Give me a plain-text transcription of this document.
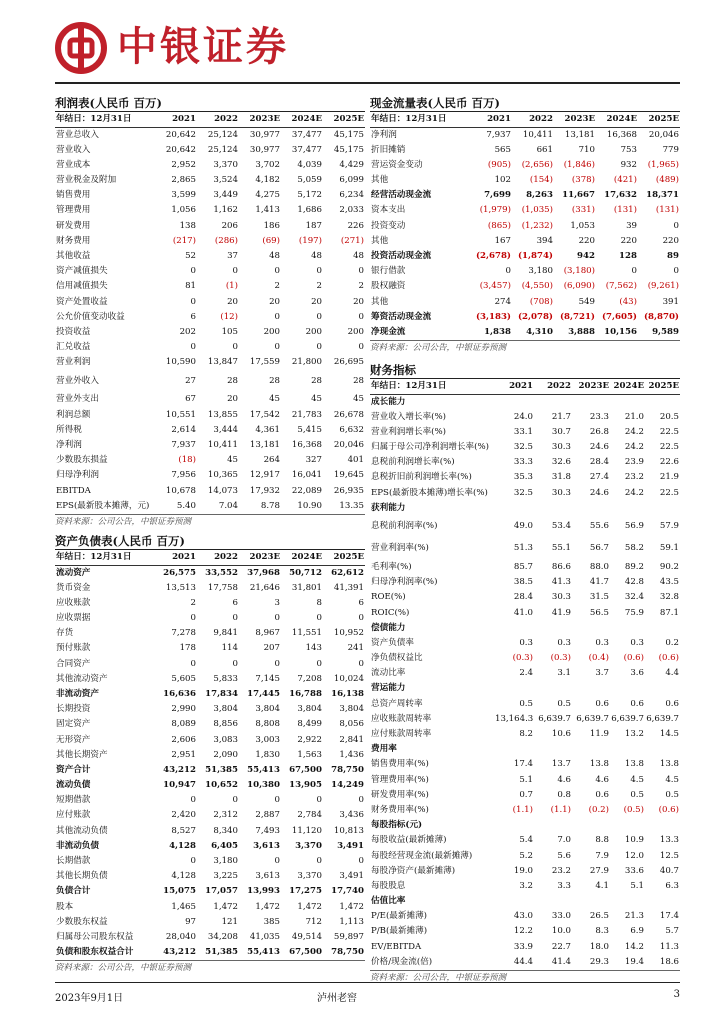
中银证券
利润表(人民币 百万)
年结日：12月31日	2021	2022	2023E	2024E	2025E
营业总收入	20,642	25,124	30,977	37,477	45,175
营业收入	20,642	25,124	30,977	37,477	45,175
营业成本	2,952	3,370	3,702	4,039	4,429
营业税金及附加	2,865	3,524	4,182	5,059	6,099
销售费用	3,599	3,449	4,275	5,172	6,234
管理费用	1,056	1,162	1,413	1,686	2,033
研发费用	138	206	186	187	226
财务费用	(217)	(286)	(69)	(197)	(271)
其他收益	52	37	48	48	48
资产减值损失	0	0	0	0	0
信用减值损失	81	(1)	2	2	2
资产处置收益	0	20	20	20	20
公允价值变动收益	6	(12)	0	0	0
投资收益	202	105	200	200	200
汇兑收益	0	0	0	0	0
营业利润	10,590	13,847	17,559	21,800	26,695
营业外收入	27	28	28	28	28
营业外支出	67	20	45	45	45
利润总额	10,551	13,855	17,542	21,783	26,678
所得税	2,614	3,444	4,361	5,415	6,632
净利润	7,937	10,411	13,181	16,368	20,046
少数股东损益	(18)	45	264	327	401
归母净利润	7,956	10,365	12,917	16,041	19,645
EBITDA	10,678	14,073	17,932	22,089	26,935
EPS(最新股本摊薄，元)	5.40	7.04	8.78	10.90	13.35
资料来源：公司公告，中银证券预测
资产负债表(人民币 百万)
年结日：12月31日	2021	2022	2023E	2024E	2025E
流动资产	26,575	33,552	37,968	50,712	62,612
货币资金	13,513	17,758	21,646	31,801	41,391
应收账款	2	6	3	8	6
应收票据	0	0	0	0	0
存货	7,278	9,841	8,967	11,551	10,952
预付账款	178	114	207	143	241
合同资产	0	0	0	0	0
其他流动资产	5,605	5,833	7,145	7,208	10,024
非流动资产	16,636	17,834	17,445	16,788	16,138
长期投资	2,990	3,804	3,804	3,804	3,804
固定资产	8,089	8,856	8,808	8,499	8,056
无形资产	2,606	3,083	3,003	2,922	2,841
其他长期资产	2,951	2,090	1,830	1,563	1,436
资产合计	43,212	51,385	55,413	67,500	78,750
流动负债	10,947	10,652	10,380	13,905	14,249
短期借款	0	0	0	0	0
应付账款	2,420	2,312	2,887	2,784	3,436
其他流动负债	8,527	8,340	7,493	11,120	10,813
非流动负债	4,128	6,405	3,613	3,370	3,491
长期借款	0	3,180	0	0	0
其他长期负债	4,128	3,225	3,613	3,370	3,491
负债合计	15,075	17,057	13,993	17,275	17,740
股本	1,465	1,472	1,472	1,472	1,472
少数股东权益	97	121	385	712	1,113
归属母公司股东权益	28,040	34,208	41,035	49,514	59,897
负债和股东权益合计	43,212	51,385	55,413	67,500	78,750
资料来源：公司公告，中银证券预测
现金流量表(人民币 百万)
年结日：12月31日	2021	2022	2023E	2024E	2025E
净利润	7,937	10,411	13,181	16,368	20,046
折旧摊销	565	661	710	753	779
营运资金变动	(905)	(2,656)	(1,846)	932	(1,965)
其他	102	(154)	(378)	(421)	(489)
经营活动现金流	7,699	8,263	11,667	17,632	18,371
资本支出	(1,979)	(1,035)	(331)	(131)	(131)
投资变动	(865)	(1,232)	1,053	39	0
其他	167	394	220	220	220
投资活动现金流	(2,678)	(1,874)	942	128	89
银行借款	0	3,180	(3,180)	0	0
股权融资	(3,457)	(4,550)	(6,090)	(7,562)	(9,261)
其他	274	(708)	549	(43)	391
筹资活动现金流	(3,183)	(2,078)	(8,721)	(7,605)	(8,870)
净现金流	1,838	4,310	3,888	10,156	9,589
资料来源：公司公告，中银证券预测
财务指标
年结日：12月31日	2021	2022	2023E	2024E	2025E
成长能力					
营业收入增长率(%)	24.0	21.7	23.3	21.0	20.5
营业利润增长率(%)	33.1	30.7	26.8	24.2	22.5
归属于母公司净利润增长率(%)	32.5	30.3	24.6	24.2	22.5
息税前利润增长率(%)	33.3	32.6	28.4	23.9	22.6
息税折旧前利润增长率(%)	35.3	31.8	27.4	23.2	21.9
EPS(最新股本摊薄)增长率(%)	32.5	30.3	24.6	24.2	22.5
获利能力					
息税前利润率(%)	49.0	53.4	55.6	56.9	57.9
营业利润率(%)	51.3	55.1	56.7	58.2	59.1
毛利率(%)	85.7	86.6	88.0	89.2	90.2
归母净利润率(%)	38.5	41.3	41.7	42.8	43.5
ROE(%)	28.4	30.3	31.5	32.4	32.8
ROIC(%)	41.0	41.9	56.5	75.9	87.1
偿债能力					
资产负债率	0.3	0.3	0.3	0.3	0.2
净负债权益比	(0.3)	(0.3)	(0.4)	(0.6)	(0.6)
流动比率	2.4	3.1	3.7	3.6	4.4
营运能力					
总资产周转率	0.5	0.5	0.6	0.6	0.6
应收账款周转率	13,164.3	6,639.7	6,639.7	6,639.7	6,639.7
应付账款周转率	8.2	10.6	11.9	13.2	14.5
费用率					
销售费用率(%)	17.4	13.7	13.8	13.8	13.8
管理费用率(%)	5.1	4.6	4.6	4.5	4.5
研发费用率(%)	0.7	0.8	0.6	0.5	0.5
财务费用率(%)	(1.1)	(1.1)	(0.2)	(0.5)	(0.6)
每股指标(元)					
每股收益(最新摊薄)	5.4	7.0	8.8	10.9	13.3
每股经营现金流(最新摊薄)	5.2	5.6	7.9	12.0	12.5
每股净资产(最新摊薄)	19.0	23.2	27.9	33.6	40.7
每股股息	3.2	3.3	4.1	5.1	6.3
估值比率					
P/E(最新摊薄)	43.0	33.0	26.5	21.3	17.4
P/B(最新摊薄)	12.2	10.0	8.3	6.9	5.7
EV/EBITDA	33.9	22.7	18.0	14.2	11.3
价格/现金流(倍)	44.4	41.4	29.3	19.4	18.6
资料来源：公司公告，中银证券预测
2023年9月1日	泸州老窖	3
